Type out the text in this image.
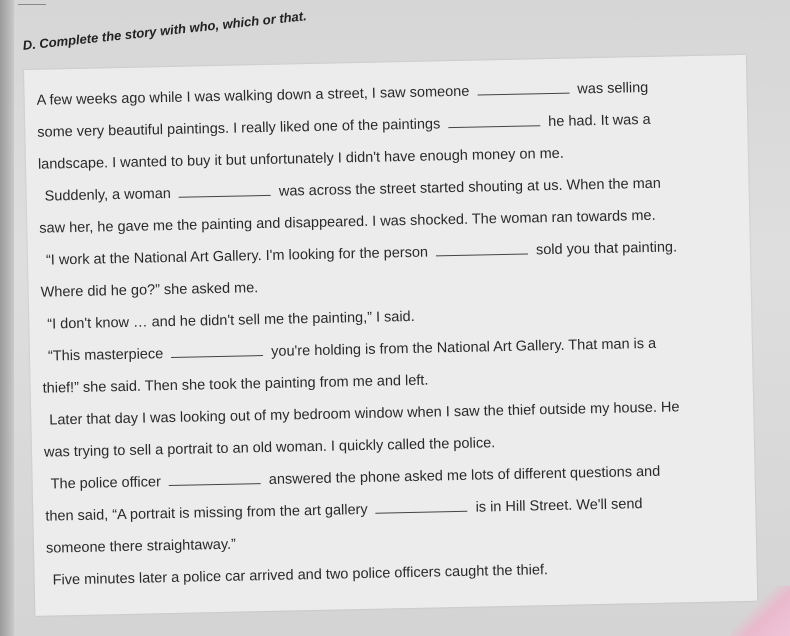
D. Complete the story with who, which or that.
A few weeks ago while I was walking down a street, I saw someone	was selling
some very beautiful paintings. I really liked one of the paintings	he had. It was a
landscape. I wanted to buy it but unfortunately I didn't have enough money on me.
Suddenly, a woman	was across the street started shouting at us. When the man
saw her, he gave me the painting and disappeared. I was shocked. The woman ran towards me.
“I work at the National Art Gallery. I'm looking for the person	sold you that painting.
Where did he go?” she asked me.
“I don't know … and he didn't sell me the painting,” I said.
“This masterpiece	you're holding is from the National Art Gallery. That man is a
thief!” she said. Then she took the painting from me and left.
Later that day I was looking out of my bedroom window when I saw the thief outside my house. He
was trying to sell a portrait to an old woman. I quickly called the police.
The police officer	answered the phone asked me lots of different questions and
then said, “A portrait is missing from the art gallery	is in Hill Street. We'll send
someone there straightaway.”
Five minutes later a police car arrived and two police officers caught the thief.
